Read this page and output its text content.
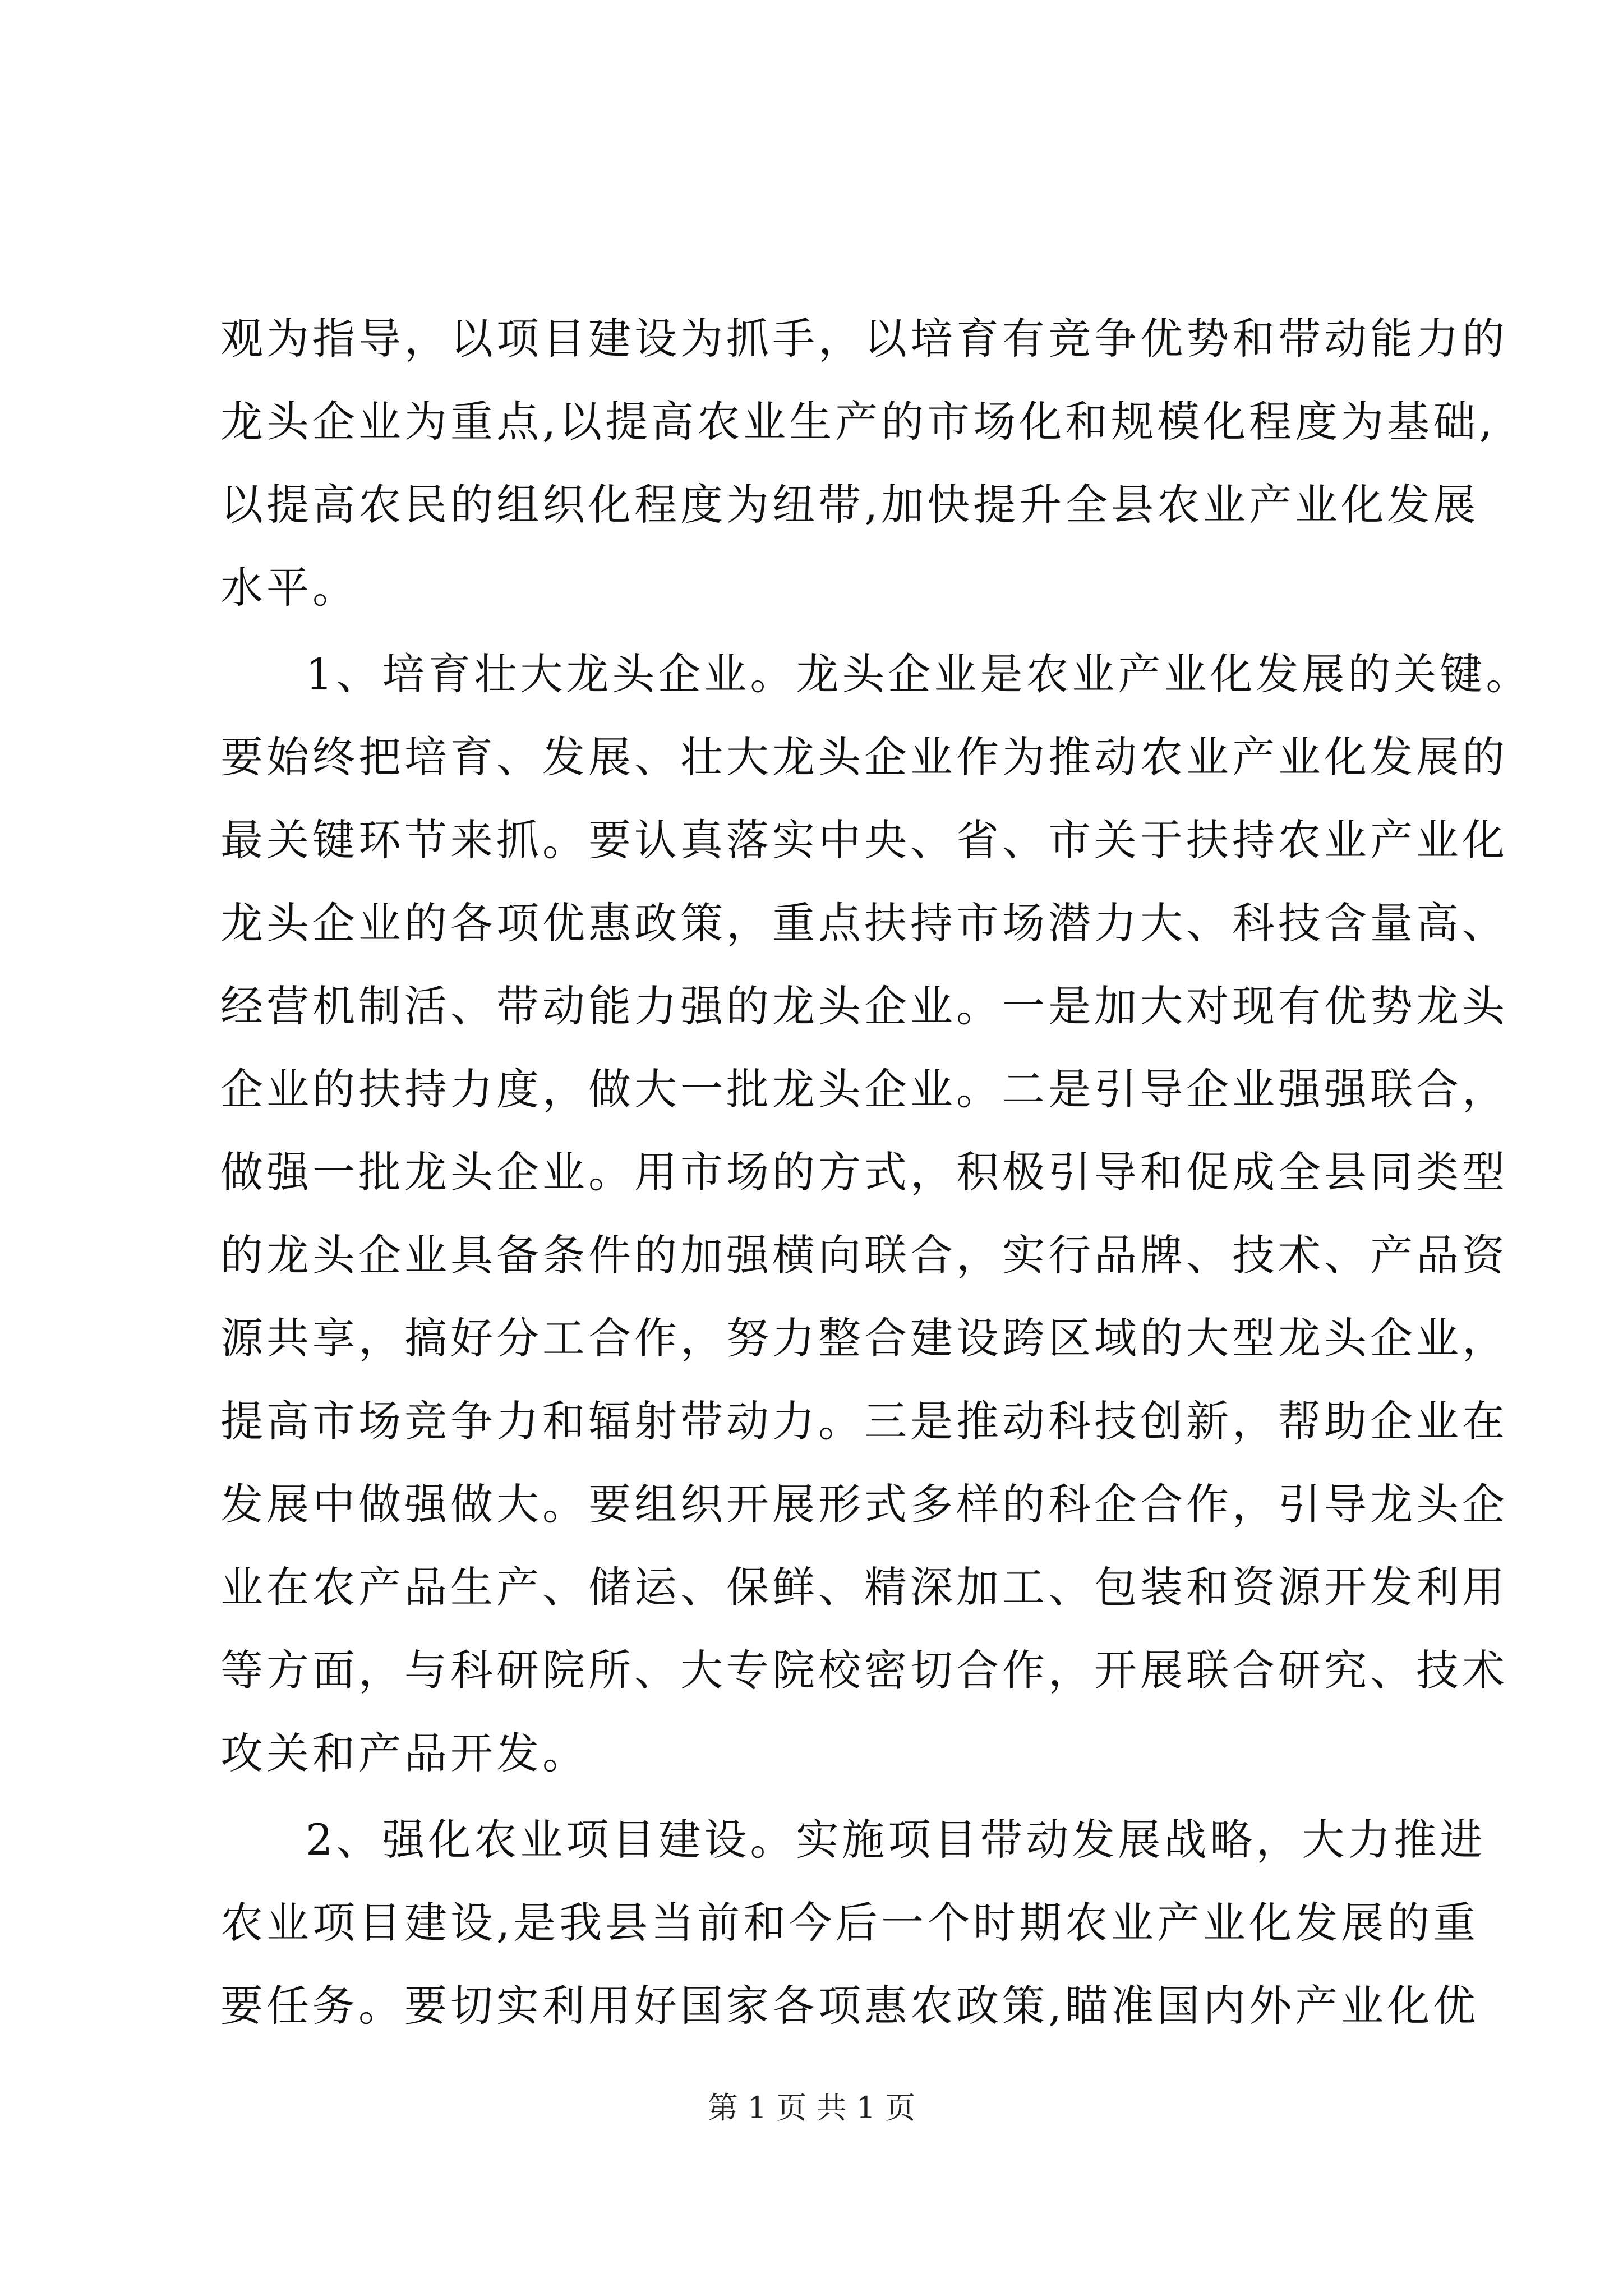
观为指导，以项目建设为抓手，以培育有竞争优势和带动能力的
龙头企业为重点,以提高农业生产的市场化和规模化程度为基础,
以提高农民的组织化程度为纽带,加快提升全县农业产业化发展
水平。
1、培育壮大龙头企业。龙头企业是农业产业化发展的关键。
要始终把培育、发展、壮大龙头企业作为推动农业产业化发展的
最关键环节来抓。要认真落实中央、省、市关于扶持农业产业化
龙头企业的各项优惠政策，重点扶持市场潜力大、科技含量高、
经营机制活、带动能力强的龙头企业。一是加大对现有优势龙头
企业的扶持力度，做大一批龙头企业。二是引导企业强强联合，
做强一批龙头企业。用市场的方式，积极引导和促成全县同类型
的龙头企业具备条件的加强横向联合，实行品牌、技术、产品资
源共享，搞好分工合作，努力整合建设跨区域的大型龙头企业，
提高市场竞争力和辐射带动力。三是推动科技创新，帮助企业在
发展中做强做大。要组织开展形式多样的科企合作，引导龙头企
业在农产品生产、储运、保鲜、精深加工、包装和资源开发利用
等方面，与科研院所、大专院校密切合作，开展联合研究、技术
攻关和产品开发。
2、强化农业项目建设。实施项目带动发展战略，大力推进
农业项目建设,是我县当前和今后一个时期农业产业化发展的重
要任务。要切实利用好国家各项惠农政策,瞄准国内外产业化优
第 1 页 共 1 页
